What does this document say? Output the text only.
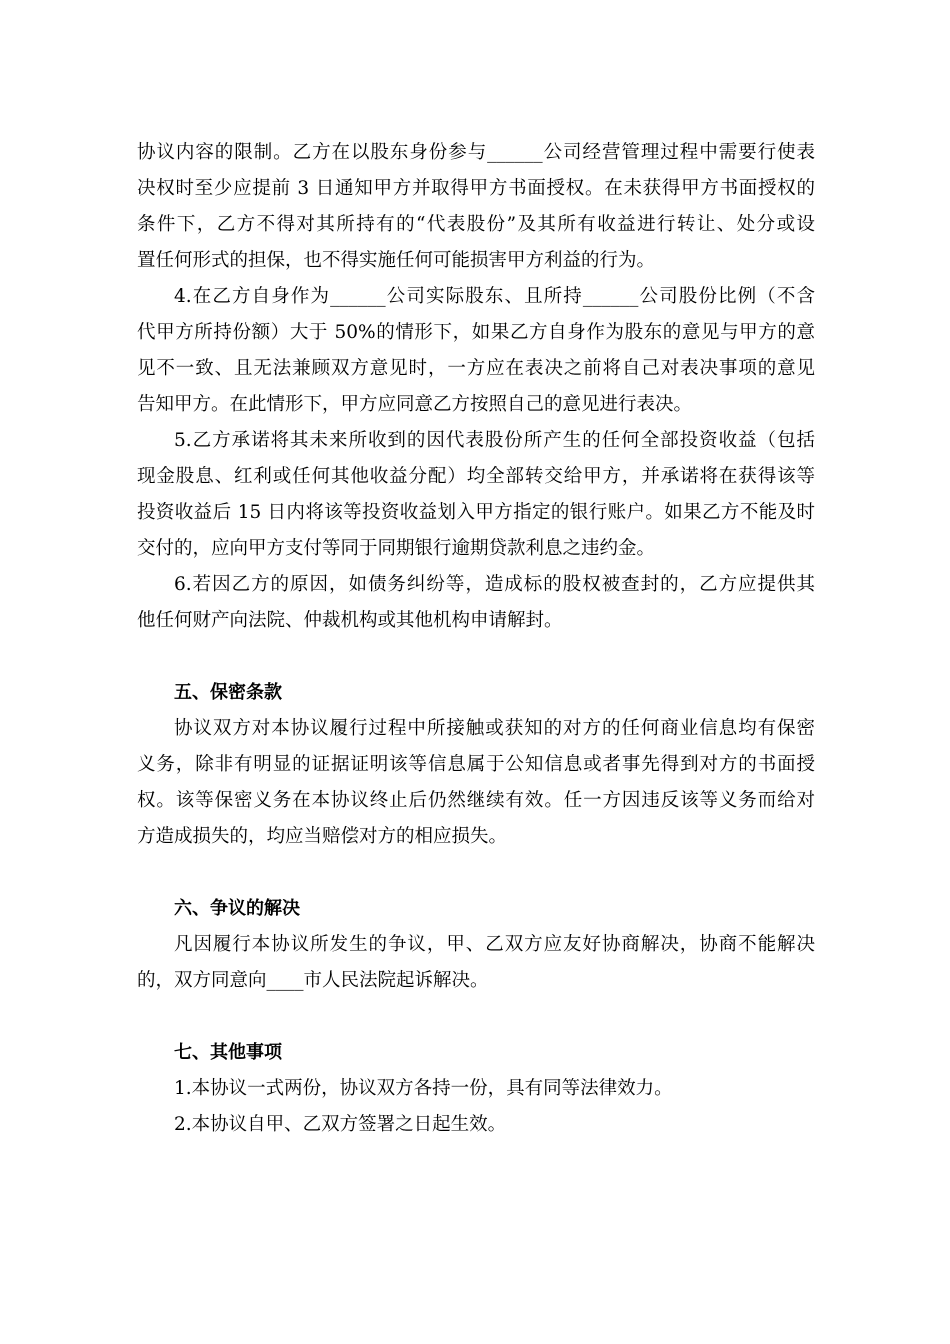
协议内容的限制。乙方在以股东身份参与______公司经营管理过程中需要行使表
决权时至少应提前 3 日通知甲方并取得甲方书面授权。在未获得甲方书面授权的
条件下，乙方不得对其所持有的“代表股份”及其所有收益进行转让、处分或设
置任何形式的担保，也不得实施任何可能损害甲方利益的行为。
4.在乙方自身作为______公司实际股东、且所持______公司股份比例（不含
代甲方所持份额）大于 50%的情形下，如果乙方自身作为股东的意见与甲方的意
见不一致、且无法兼顾双方意见时，一方应在表决之前将自己对表决事项的意见
告知甲方。在此情形下，甲方应同意乙方按照自己的意见进行表决。
5.乙方承诺将其未来所收到的因代表股份所产生的任何全部投资收益（包括
现金股息、红利或任何其他收益分配）均全部转交给甲方，并承诺将在获得该等
投资收益后 15 日内将该等投资收益划入甲方指定的银行账户。如果乙方不能及时
交付的，应向甲方支付等同于同期银行逾期贷款利息之违约金。
6.若因乙方的原因，如债务纠纷等，造成标的股权被查封的，乙方应提供其
他任何财产向法院、仲裁机构或其他机构申请解封。
五、保密条款
协议双方对本协议履行过程中所接触或获知的对方的任何商业信息均有保密
义务，除非有明显的证据证明该等信息属于公知信息或者事先得到对方的书面授
权。该等保密义务在本协议终止后仍然继续有效。任一方因违反该等义务而给对
方造成损失的，均应当赔偿对方的相应损失。
六、争议的解决
凡因履行本协议所发生的争议，甲、乙双方应友好协商解决，协商不能解决
的，双方同意向____市人民法院起诉解决。
七、其他事项
1.本协议一式两份，协议双方各持一份，具有同等法律效力。
2.本协议自甲、乙双方签署之日起生效。
